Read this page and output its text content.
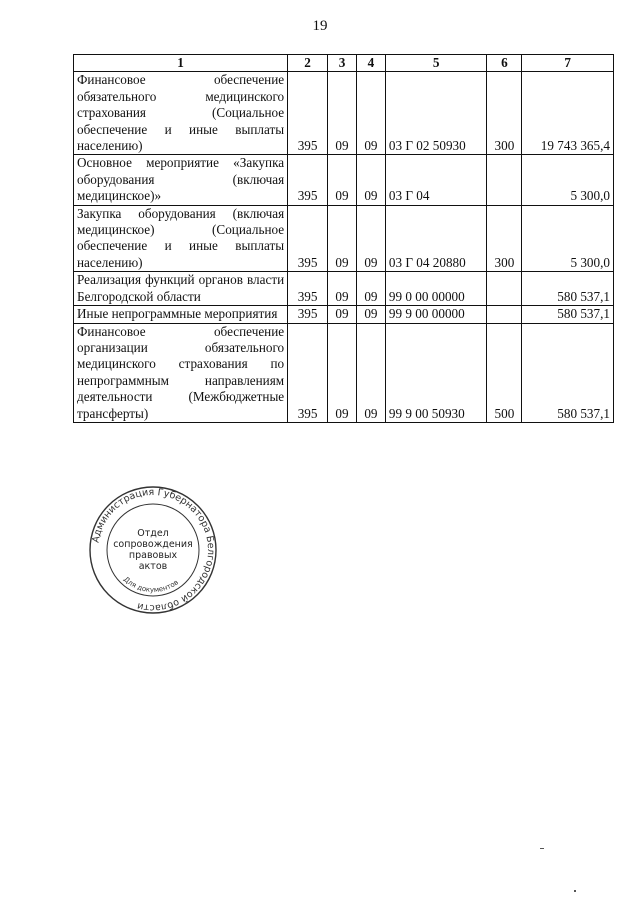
19
1	2	3	4	5	6	7
Финансовое обеспечение обязательного медицинского страхования (Социальное обеспечение и иные выплаты населению)	395	09	09	03 Г 02 50930	300	19 743 365,4
Основное мероприятие «Закупка оборудования (включая медицинское)»	395	09	09	03 Г 04		5 300,0
Закупка оборудования (включая медицинское) (Социальное обеспечение и иные выплаты населению)	395	09	09	03 Г 04 20880	300	5 300,0
Реализация функций органов власти Белгородской области	395	09	09	99 0 00 00000		580 537,1
Иные непрограммные мероприятия	395	09	09	99 9 00 00000		580 537,1
Финансовое обеспечение организации обязательного медицинского страхования по непрограммным направлениям деятельности (Межбюджетные трансферты)	395	09	09	99 9 00 50930	500	580 537,1
Администрация Губернатора Белгородской области
Для документов
Отдел
сопровождения
правовых
актов
